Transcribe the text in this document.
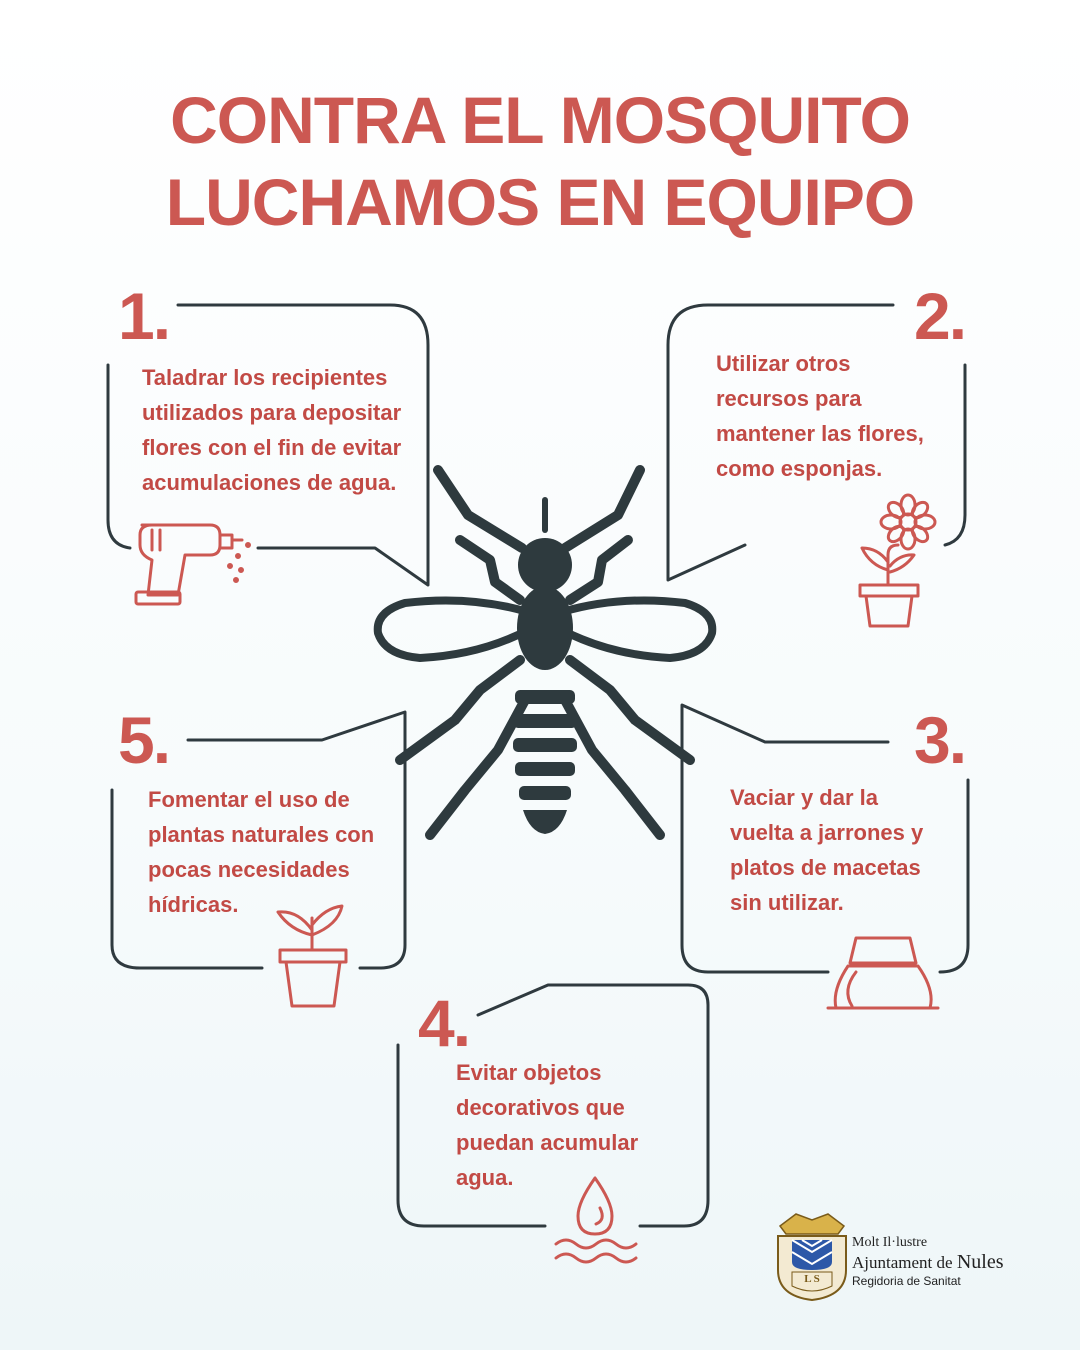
CONTRA EL MOSQUITO
LUCHAMOS EN EQUIPO
1.	2.
3.
4.
5.
Taladrar los recipientes
utilizados para depositar
flores con el fin de evitar
acumulaciones de agua.
Utilizar otros
recursos para
mantener las flores,
como esponjas.
Vaciar y dar la
vuelta a jarrones y
platos de macetas
sin utilizar.
Evitar objetos
decorativos que
puedan acumular
agua.
Fomentar el uso de
plantas naturales con
pocas necesidades
hídricas.
Molt Il·lustre
Ajuntament de Nules
Regidoria de Sanitat
L S
